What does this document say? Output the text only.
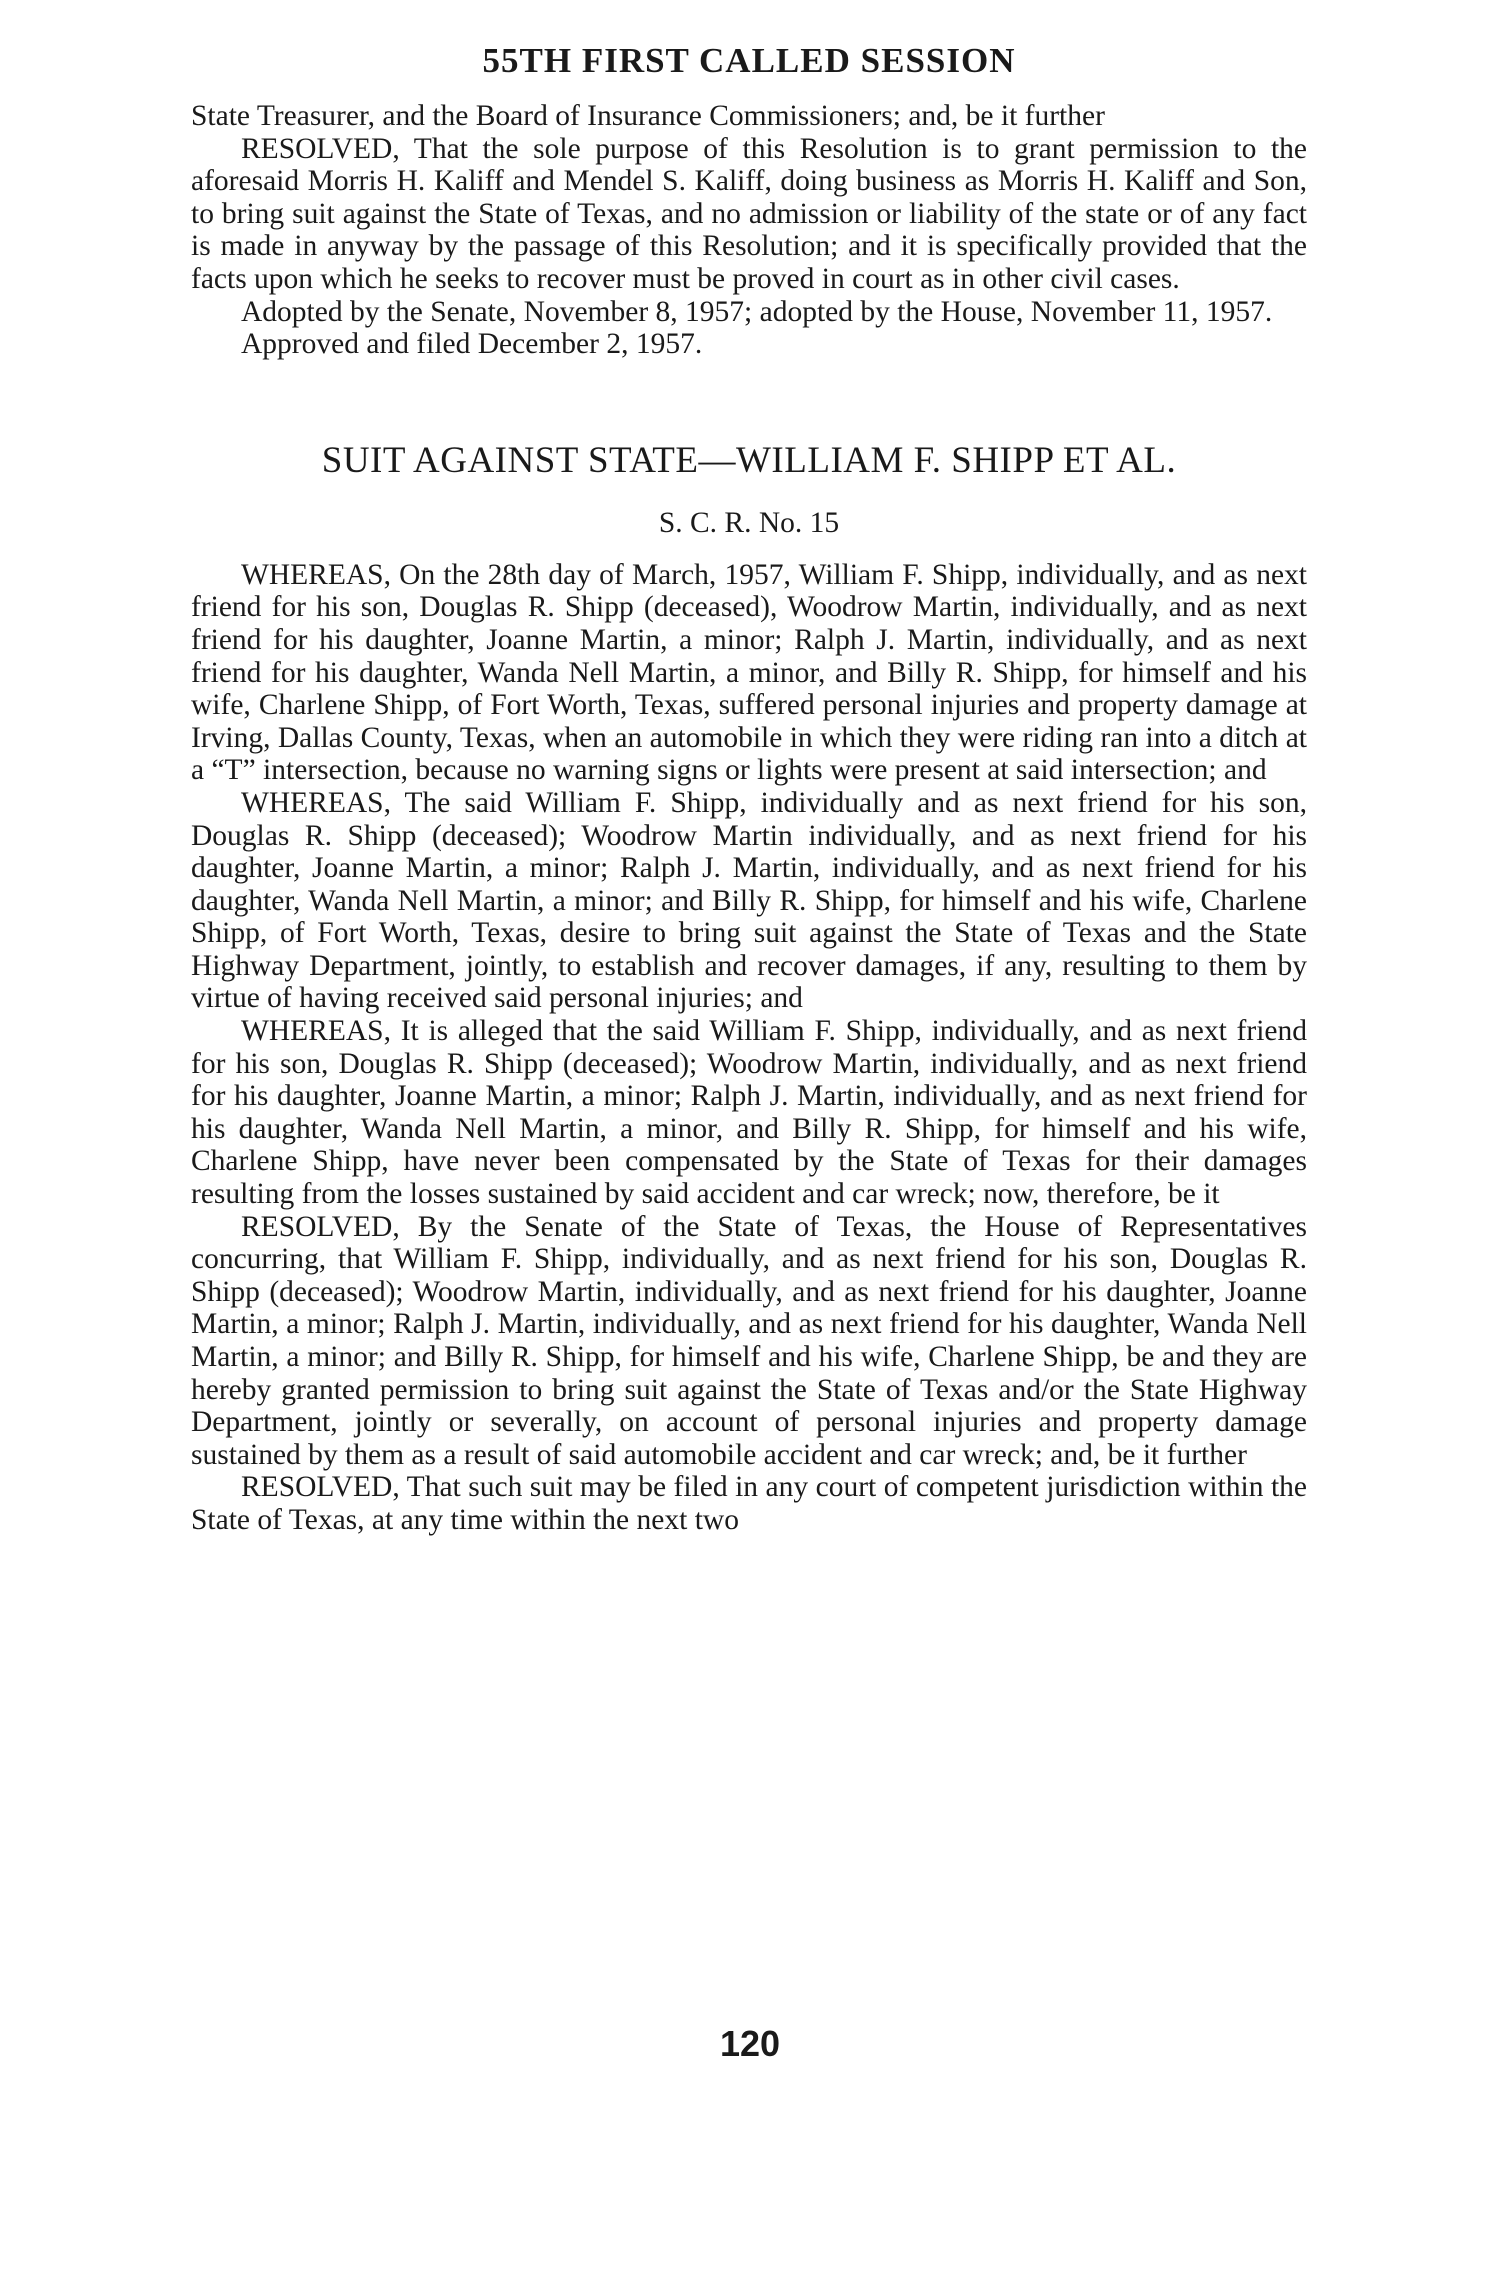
55TH FIRST CALLED SESSION

State Treasurer, and the Board of Insurance Commissioners; and, be it further

RESOLVED, That the sole purpose of this Resolution is to grant permission to the aforesaid Morris H. Kaliff and Mendel S. Kaliff, doing business as Morris H. Kaliff and Son, to bring suit against the State of Texas, and no admission or liability of the state or of any fact is made in anyway by the passage of this Resolution; and it is specifically provided that the facts upon which he seeks to recover must be proved in court as in other civil cases.

Adopted by the Senate, November 8, 1957; adopted by the House, November 11, 1957.

Approved and filed December 2, 1957.

SUIT AGAINST STATE—WILLIAM F. SHIPP ET AL.
S. C. R. No. 15

WHEREAS, On the 28th day of March, 1957, William F. Shipp, individually, and as next friend for his son, Douglas R. Shipp (deceased), Woodrow Martin, individually, and as next friend for his daughter, Joanne Martin, a minor; Ralph J. Martin, individually, and as next friend for his daughter, Wanda Nell Martin, a minor, and Billy R. Shipp, for himself and his wife, Charlene Shipp, of Fort Worth, Texas, suffered personal injuries and property damage at Irving, Dallas County, Texas, when an automobile in which they were riding ran into a ditch at a “T” intersection, because no warning signs or lights were present at said intersection; and

WHEREAS, The said William F. Shipp, individually and as next friend for his son, Douglas R. Shipp (deceased); Woodrow Martin individually, and as next friend for his daughter, Joanne Martin, a minor; Ralph J. Martin, individually, and as next friend for his daughter, Wanda Nell Martin, a minor; and Billy R. Shipp, for himself and his wife, Charlene Shipp, of Fort Worth, Texas, desire to bring suit against the State of Texas and the State Highway Department, jointly, to establish and recover damages, if any, resulting to them by virtue of having received said personal injuries; and

WHEREAS, It is alleged that the said William F. Shipp, individually, and as next friend for his son, Douglas R. Shipp (deceased); Woodrow Martin, individually, and as next friend for his daughter, Joanne Martin, a minor; Ralph J. Martin, individually, and as next friend for his daughter, Wanda Nell Martin, a minor, and Billy R. Shipp, for himself and his wife, Charlene Shipp, have never been compensated by the State of Texas for their damages resulting from the losses sustained by said accident and car wreck; now, therefore, be it

RESOLVED, By the Senate of the State of Texas, the House of Representatives concurring, that William F. Shipp, individually, and as next friend for his son, Douglas R. Shipp (deceased); Woodrow Martin, individually, and as next friend for his daughter, Joanne Martin, a minor; Ralph J. Martin, individually, and as next friend for his daughter, Wanda Nell Martin, a minor; and Billy R. Shipp, for himself and his wife, Charlene Shipp, be and they are hereby granted permission to bring suit against the State of Texas and/or the State Highway Department, jointly or severally, on account of personal injuries and property damage sustained by them as a result of said automobile accident and car wreck; and, be it further

RESOLVED, That such suit may be filed in any court of competent jurisdiction within the State of Texas, at any time within the next two

120
